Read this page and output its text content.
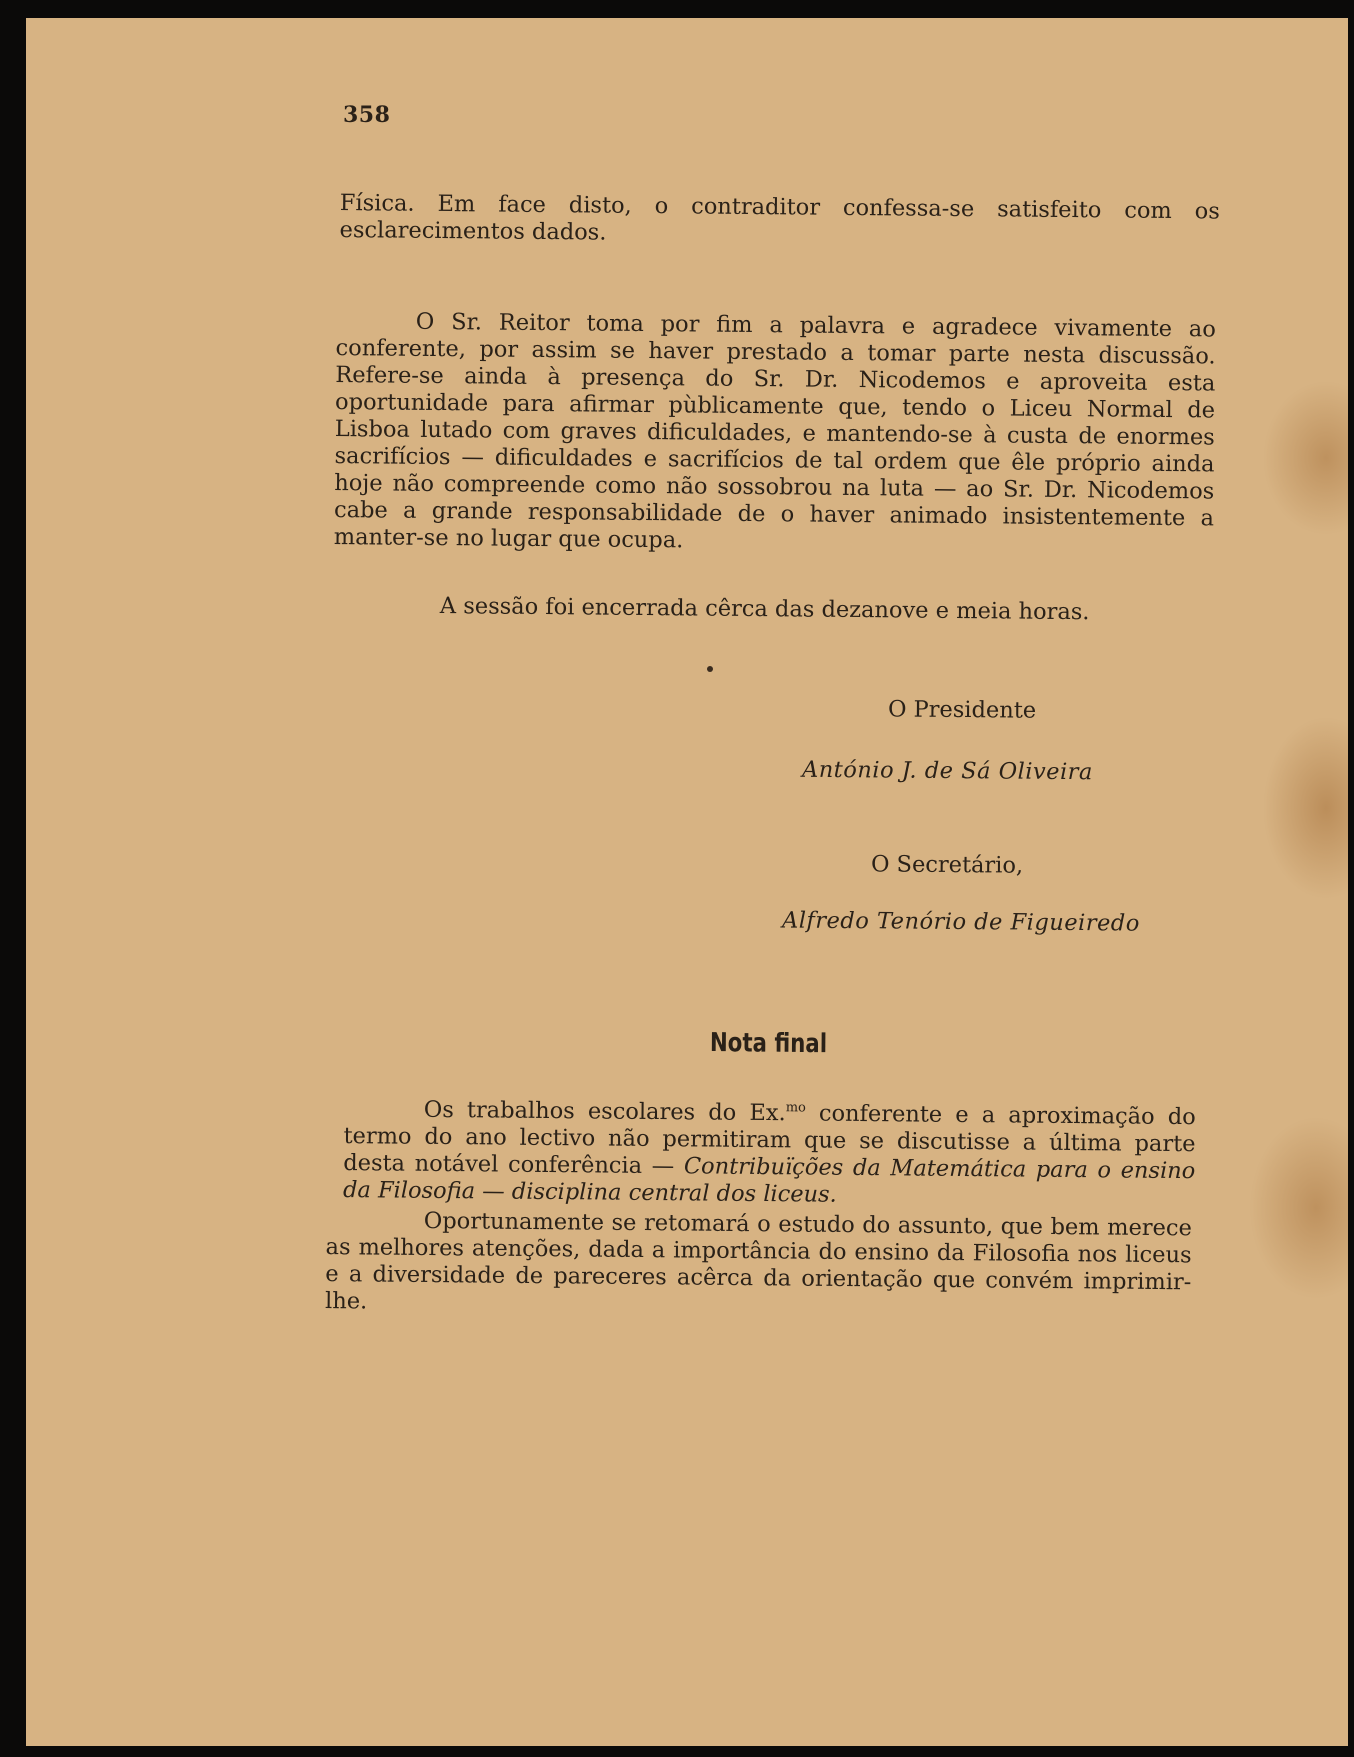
358

Física. Em face disto, o contraditor confessa-se satisfeito com os esclarecimentos dados.

O Sr. Reitor toma por fim a palavra e agradece vivamente ao conferente, por assim se haver prestado a tomar parte nesta discussão. Refere-se ainda à presença do Sr. Dr. Nicodemos e aproveita esta oportunidade para afirmar pùblicamente que, tendo o Liceu Normal de Lisboa lutado com graves dificuldades, e mantendo-se à custa de enormes sacrifícios — dificuldades e sacrifícios de tal ordem que êle próprio ainda hoje não compreende como não sossobrou na luta — ao Sr. Dr. Nicodemos cabe a grande responsabilidade de o haver animado insistentemente a manter-se no lugar que ocupa.

A sessão foi encerrada cêrca das dezanove e meia horas.

O Presidente
António J. de Sá Oliveira
O Secretário,
Alfredo Tenório de Figueiredo
Nota final

Os trabalhos escolares do Ex.$^{mo}$ conferente e a aproximação do termo do ano lectivo não permitiram que se discutisse a última parte desta notável conferência — Contribuïções da Matemática para o ensino da Filosofia — disciplina central dos liceus.

Oportunamente se retomará o estudo do assunto, que bem merece as melhores atenções, dada a importância do ensino da Filosofia nos liceus e a diversidade de pareceres acêrca da orientação que convém imprimir-lhe.
